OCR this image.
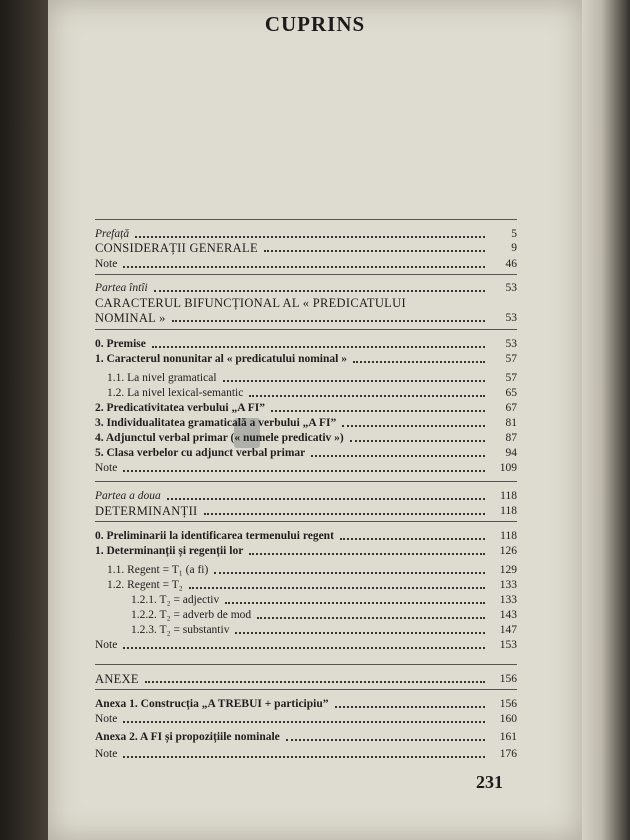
CUPRINS
Prefață	5
CONSIDERAȚII GENERALE	9
Note	46
Partea întîi	53
CARACTERUL BIFUNCȚIONAL AL « PREDICATULUI
NOMINAL »	53
0. Premise	53
1. Caracterul nonunitar al « predicatului nominal »	57
1.1. La nivel gramatical	57
1.2. La nivel lexical-semantic	65
2. Predicativitatea verbului „A FI”	67
3. Individualitatea gramaticală a verbului „A FI”	81
4. Adjunctul verbal primar (« numele predicativ »)	87
5. Clasa verbelor cu adjunct verbal primar	94
Note	109
Partea a doua	118
DETERMINANȚII	118
0. Preliminarii la identificarea termenului regent	118
1. Determinanții și regenții lor	126
1.1. Regent = T₁ (a fi)	129
1.2. Regent = T₂	133
1.2.1. T₂ = adjectiv	133
1.2.2. T₂ = adverb de mod	143
1.2.3. T₂ = substantiv	147
Note	153
ANEXE	156
Anexa 1. Construcția „A TREBUI + participiu”	156
Note	160
Anexa 2. A FI și propozițiile nominale	161
Note	176
231
